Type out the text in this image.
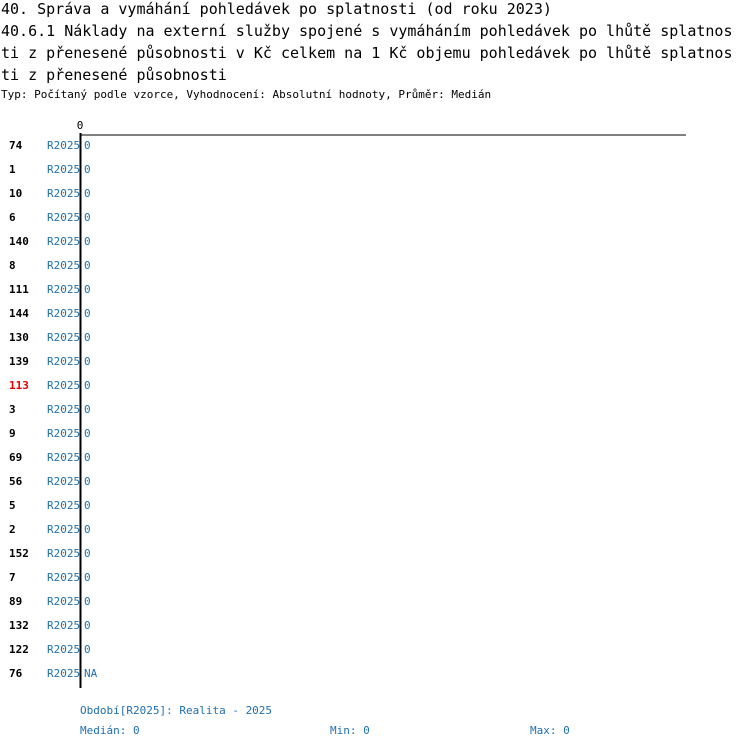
40. Správa a vymáhání pohledávek po splatnosti (od roku 2023)
40.6.1 Náklady na externí služby spojené s vymáháním pohledávek po lhůtě splatnosti z přenesené působnosti v Kč celkem na 1 Kč objemu pohledávek po lhůtě splatnosti z přenesené působnosti
Typ: Počítaný podle vzorce, Vyhodnocení: Absolutní hodnoty, Průměr: Medián
0
74 R2025 0
1	R2025 0
10 R2025 0
6	R2025 0
140 R2025 0
8	R2025 0
111 R2025 0
144 R2025 0
130 R2025 0
139 R2025 0
113 R2025 0
3	R2025 0
9	R2025 0
69 R2025 0
56 R2025 0
5	R2025 0
2	R2025 0
152 R2025 0
7	R2025 0
89 R2025 0
132 R2025 0
122 R2025 0
76 R2025 NA
Období[R2025]: Realita - 2025
Medián: 0	Min: 0	Max: 0
